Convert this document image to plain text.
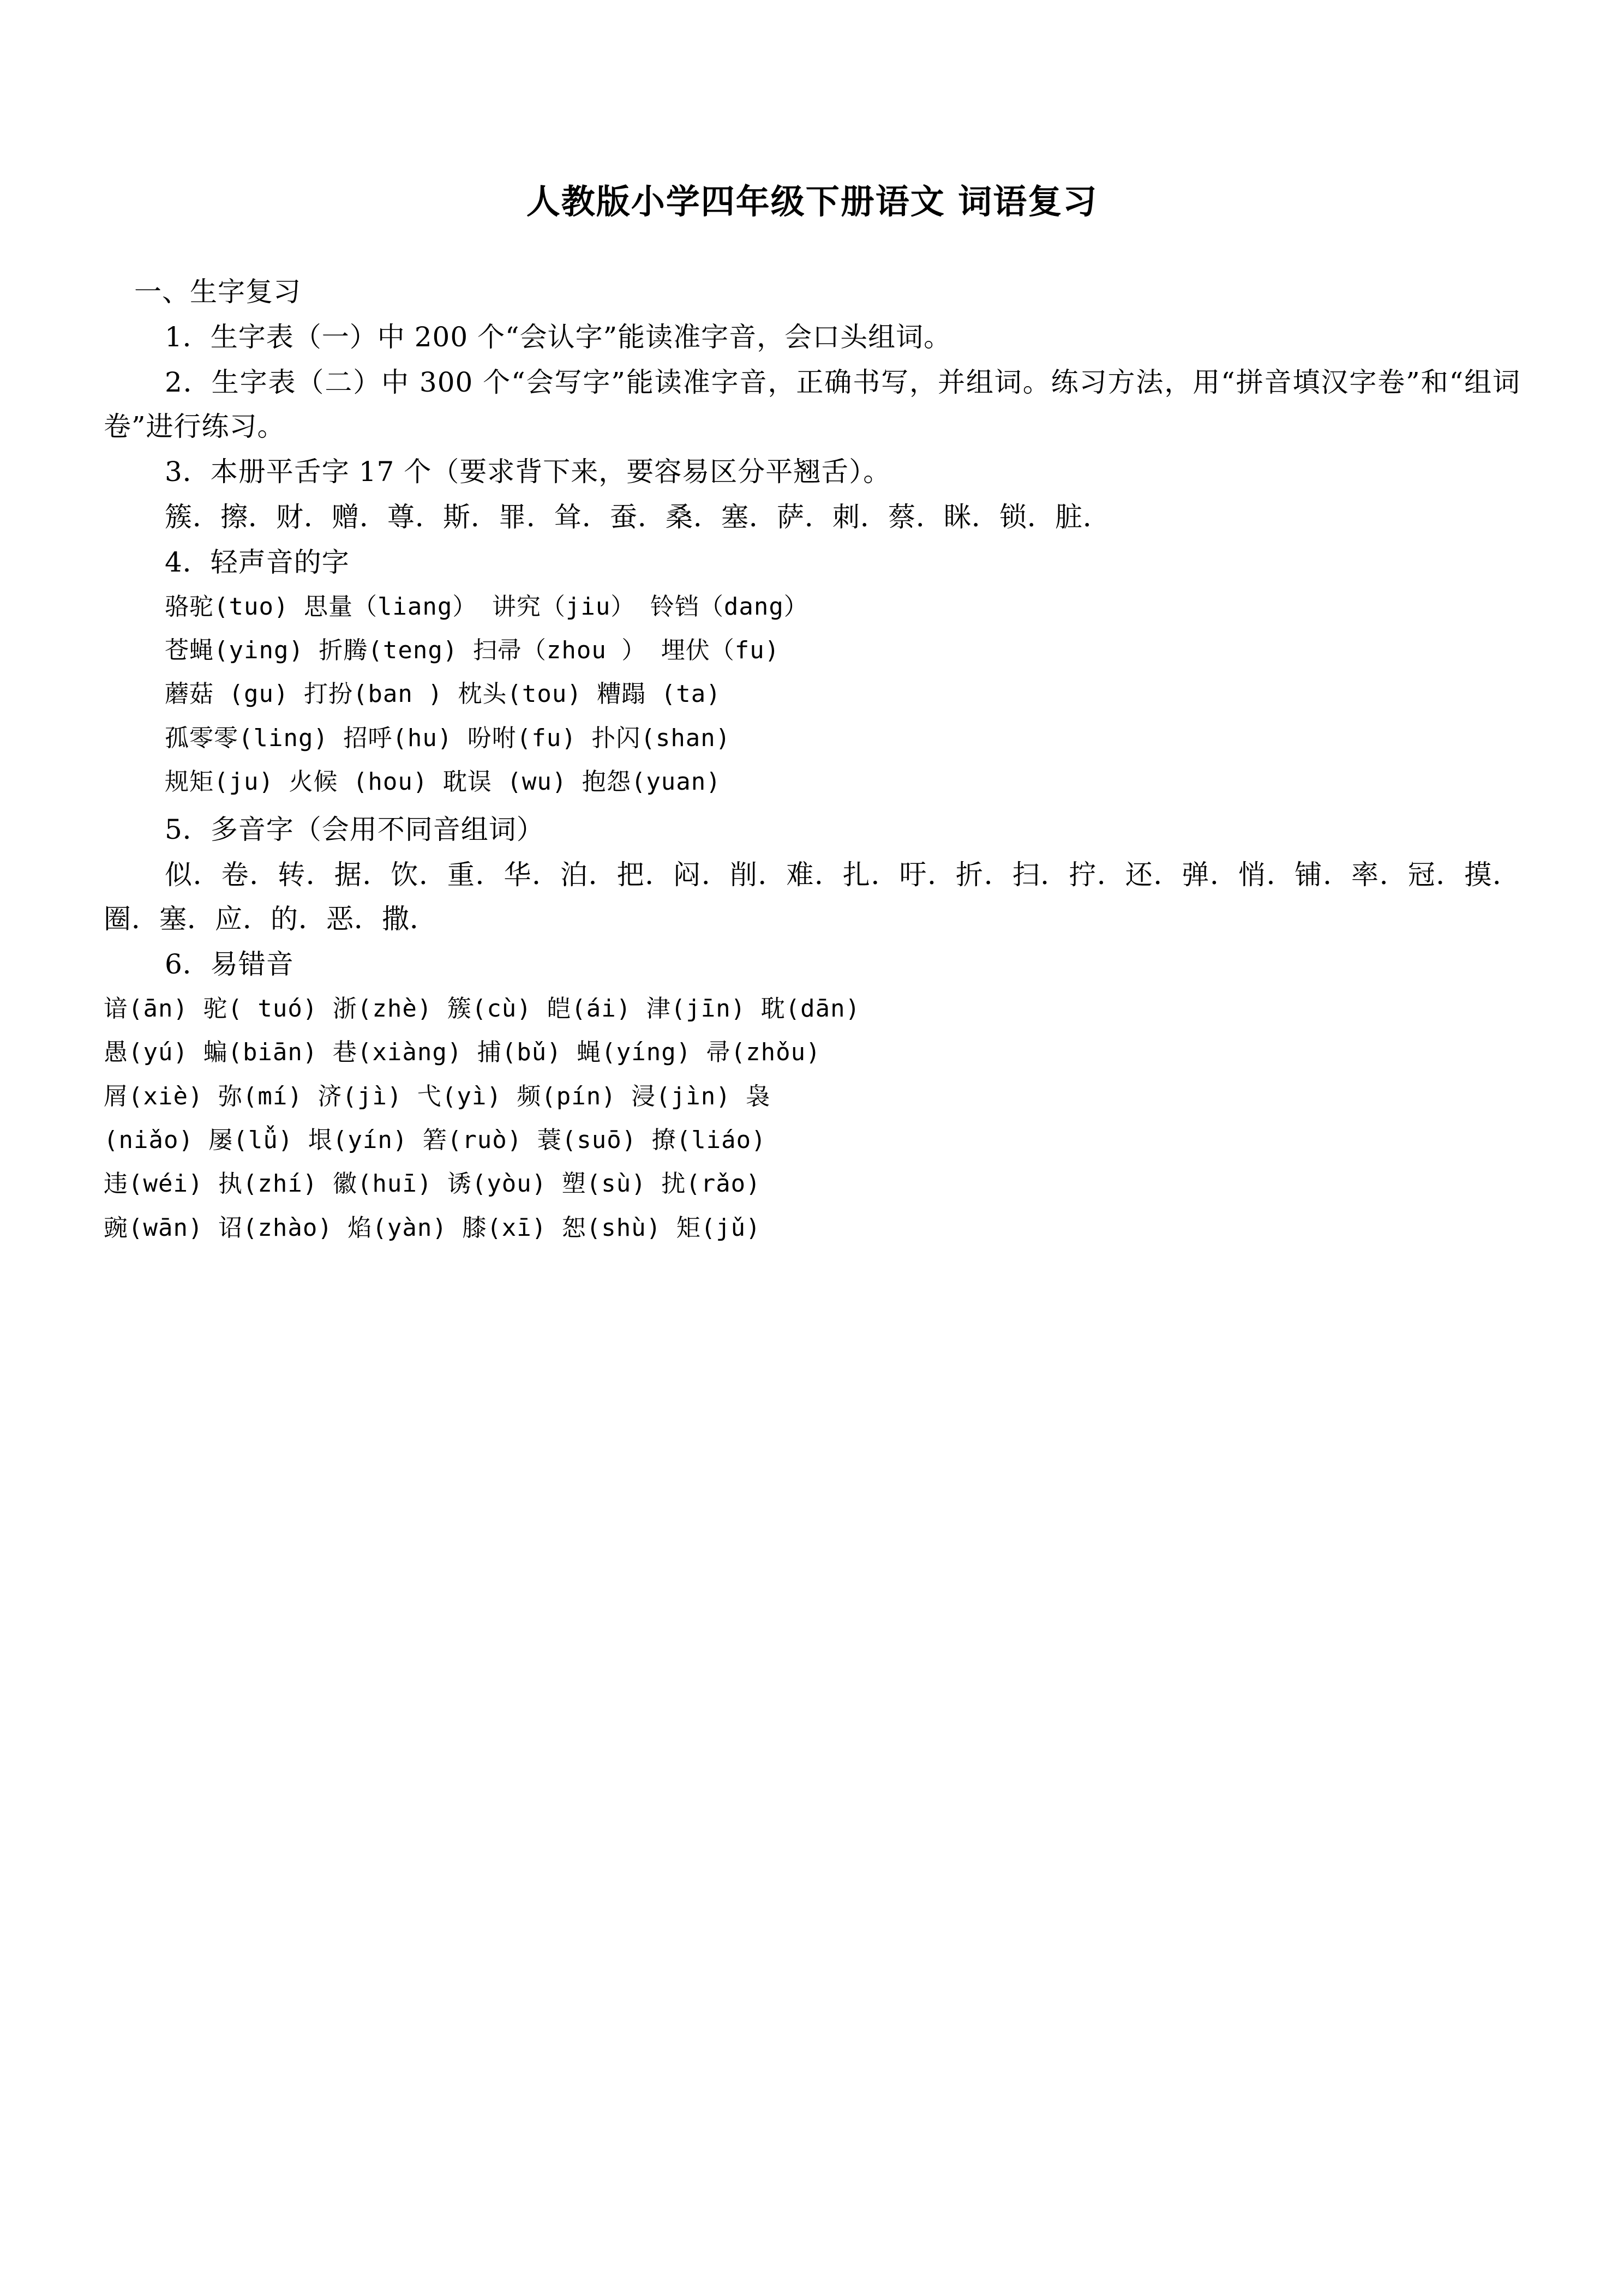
人教版小学四年级下册语文 词语复习

一、生字复习

1．生字表（一）中 200 个“会认字”能读准字音，会口头组词。

2．生字表（二）中 300 个“会写字”能读准字音，正确书写，并组词。练习方法，用“拼音填汉字卷”和“组词卷”进行练习。

3．本册平舌字 17 个（要求背下来，要容易区分平翘舌）。

簇．擦．财．赠．尊．斯．罪．耸．蚕．桑．塞．萨．刺．蔡．眯．锁．脏．

4．轻声音的字

骆驼(tuo) 思量（liang） 讲究（jiu） 铃铛（dang）

苍蝇(ying) 折腾(teng) 扫帚（zhou ） 埋伏（fu)

蘑菇 (gu) 打扮(ban ) 枕头(tou) 糟蹋 (ta)

孤零零(ling) 招呼(hu) 吩咐(fu) 扑闪(shan)

规矩(ju) 火候 (hou) 耽误 (wu) 抱怨(yuan)

5．多音字（会用不同音组词）

似．卷．转．据．饮．重．华．泊．把．闷．削．难．扎．吁．折．扫．拧．还．弹．悄．铺．率．冠．摸．圈．塞．应．的．恶．撒．

6．易错音

谙(ān) 驼( tuó) 浙(zhè) 簇(cù) 皑(ái) 津(jīn) 耽(dān)

愚(yú) 蝙(biān) 巷(xiàng) 捕(bǔ) 蝇(yíng) 帚(zhǒu)

屑(xiè) 弥(mí) 济(jì) 弋(yì) 频(pín) 浸(jìn) 袅

(niǎo) 屡(lǚ) 垠(yín) 箬(ruò) 蓑(suō) 撩(liáo)

违(wéi) 执(zhí) 徽(huī) 诱(yòu) 塑(sù) 扰(rǎo)

豌(wān) 诏(zhào) 焰(yàn) 膝(xī) 恕(shù) 矩(jǔ)
